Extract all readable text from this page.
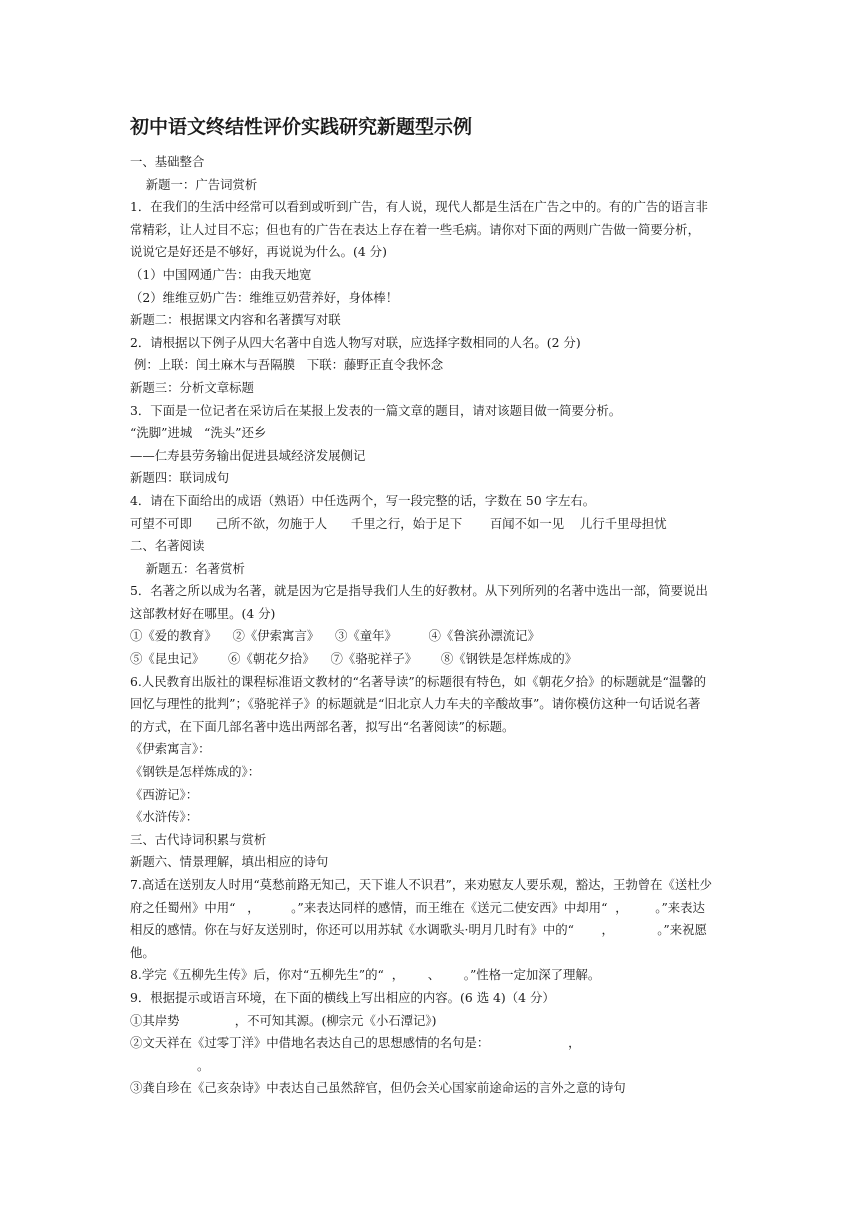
初中语文终结性评价实践研究新题型示例
一、基础整合
新题一：广告词赏析
1．在我们的生活中经常可以看到或听到广告，有人说，现代人都是生活在广告之中的。有的广告的语言非
常精彩，让人过目不忘；但也有的广告在表达上存在着一些毛病。请你对下面的两则广告做一简要分析，
说说它是好还是不够好，再说说为什么。(4 分)
（1）中国网通广告：由我天地宽
（2）维维豆奶广告：维维豆奶营养好，身体棒！
新题二：根据课文内容和名著撰写对联
2．请根据以下例子从四大名著中自选人物写对联，应选择字数相同的人名。(2 分)
例：上联：闰土麻木与吾隔膜   下联：藤野正直令我怀念
新题三：分析文章标题
3．下面是一位记者在采访后在某报上发表的一篇文章的题目，请对该题目做一简要分析。
“洗脚”进城   “洗头”还乡
——仁寿县劳务输出促进县域经济发展侧记
新题四：联词成句
4．请在下面给出的成语（熟语）中任选两个，写一段完整的话，字数在 50 字左右。
可望不可即      己所不欲，勿施于人      千里之行，始于足下       百闻不如一见    儿行千里母担忧
二、名著阅读
新题五：名著赏析
5．名著之所以成为名著，就是因为它是指导我们人生的好教材。从下列所列的名著中选出一部，简要说出
这部教材好在哪里。(4 分)
①《爱的教育》    ②《伊索寓言》    ③《童年》        ④《鲁滨孙漂流记》
⑤《昆虫记》      ⑥《朝花夕拾》    ⑦《骆驼祥子》      ⑧《钢铁是怎样炼成的》
6.人民教育出版社的课程标准语文教材的“名著导读”的标题很有特色，如《朝花夕拾》的标题就是“温馨的
回忆与理性的批判”；《骆驼祥子》的标题就是“旧北京人力车夫的辛酸故事”。请你模仿这种一句话说名著
的方式，在下面几部名著中选出两部名著，拟写出“名著阅读”的标题。
《伊索寓言》：
《钢铁是怎样炼成的》：
《西游记》：
《水浒传》：
三、古代诗词积累与赏析
新题六、情景理解，填出相应的诗句
7.高适在送别友人时用“莫愁前路无知己，天下谁人不识君”，来劝慰友人要乐观，豁达，王勃曾在《送杜少
府之任蜀州》中用“   ，        。”来表达同样的感情，而王维在《送元二使安西》中却用“  ，       。”来表达
相反的感情。你在与好友送别时，你还可以用苏轼《水调歌头·明月几时有》中的“       ，           。”来祝愿
他。
8.学完《五柳先生传》后，你对“五柳先生”的“  ，      、      。”性格一定加深了理解。
9．根据提示或语言环境，在下面的横线上写出相应的内容。(6 选 4)（4 分）
①其岸势              ，不可知其源。(柳宗元《小石潭记》)
②文天祥在《过零丁洋》中借地名表达自己的思想感情的名句是：                    ，
。
③龚自珍在《己亥杂诗》中表达自己虽然辞官，但仍会关心国家前途命运的言外之意的诗句
